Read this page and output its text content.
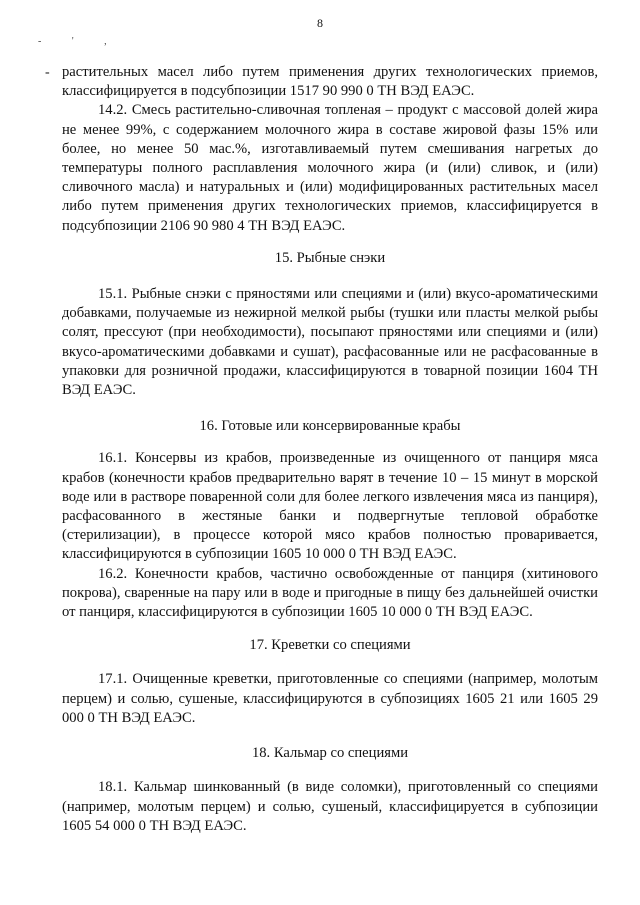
8
- ' ,
- растительных масел либо путем применения других технологических приемов, классифицируется в подсубпозиции 1517 90 990 0 ТН ВЭД ЕАЭС.

14.2. Смесь растительно-сливочная топленая – продукт с массовой долей жира не менее 99%, с содержанием молочного жира в составе жировой фазы 15% или более, но менее 50 мас.%, изготавливаемый путем смешивания нагретых до температуры полного расплавления молочного жира (и (или) сливок, и (или) сливочного масла) и натуральных и (или) модифицированных растительных масел либо путем применения других технологических приемов, классифицируется в подсубпозиции 2106 90 980 4 ТН ВЭД ЕАЭС.

15. Рыбные снэки

15.1. Рыбные снэки с пряностями или специями и (или) вкусо-ароматическими добавками, получаемые из нежирной мелкой рыбы (тушки или пласты мелкой рыбы солят, прессуют (при необходимости), посыпают пряностями или специями и (или) вкусо-ароматическими добавками и сушат), расфасованные или не расфасованные в упаковки для розничной продажи, классифицируются в товарной позиции 1604 ТН ВЭД ЕАЭС.

16. Готовые или консервированные крабы

16.1. Консервы из крабов, произведенные из очищенного от панциря мяса крабов (конечности крабов предварительно варят в течение 10 – 15 минут в морской воде или в растворе поваренной соли для более легкого извлечения мяса из панциря), расфасованного в жестяные банки и подвергнутые тепловой обработке (стерилизации), в процессе которой мясо крабов полностью проваривается, классифицируются в субпозиции 1605 10 000 0 ТН ВЭД ЕАЭС.

16.2. Конечности крабов, частично освобожденные от панциря (хитинового покрова), сваренные на пару или в воде и пригодные в пищу без дальнейшей очистки от панциря, классифицируются в субпозиции 1605 10 000 0 ТН ВЭД ЕАЭС.

17. Креветки со специями

17.1. Очищенные креветки, приготовленные со специями (например, молотым перцем) и солью, сушеные, классифицируются в субпозициях 1605 21 или 1605 29 000 0 ТН ВЭД ЕАЭС.

18. Кальмар со специями

18.1. Кальмар шинкованный (в виде соломки), приготовленный со специями (например, молотым перцем) и солью, сушеный, классифицируется в субпозиции 1605 54 000 0 ТН ВЭД ЕАЭС.
